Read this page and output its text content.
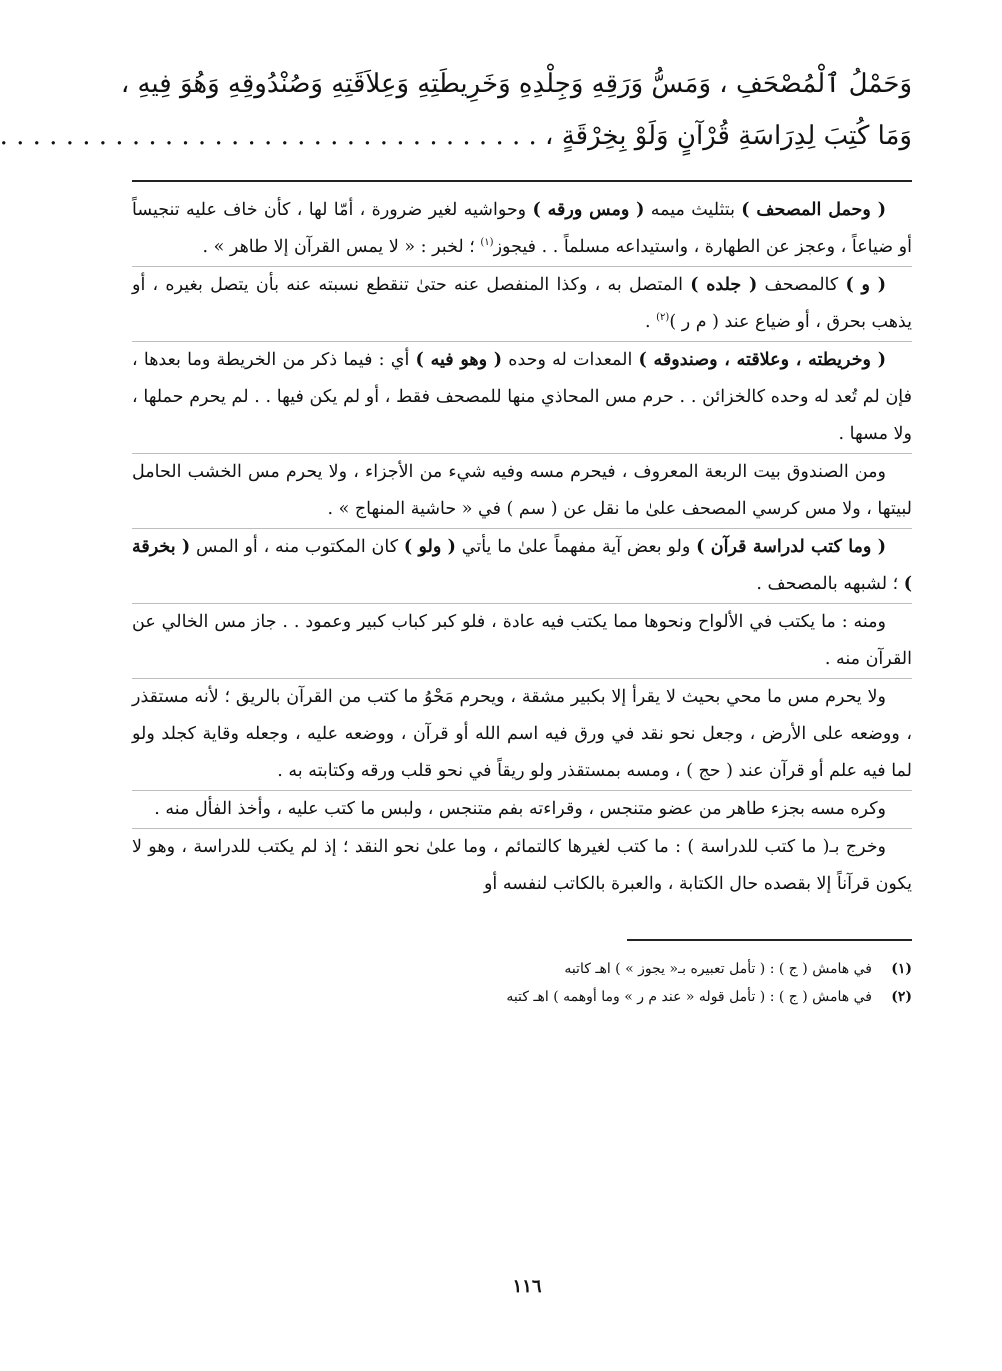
وَحَمْلُ ٱلْمُصْحَفِ ، وَمَسُّ وَرَقِهِ وَجِلْدِهِ وَخَرِيطَتِهِ وَعِلاَقَتِهِ وَصُنْدُوقِهِ وَهُوَ فِيهِ ،
وَمَا كُتِبَ لِدِرَاسَةِ قُرْآنٍ وَلَوْ بِخِرْقَةٍ ، . . . . . . . . . . . . . . . . . . . . . . . . . . . . . . . . .

( وحمل المصحف ) بتثليث ميمه ( ومس ورقه ) وحواشيه لغير ضرورة ، أمّا لها ، كأن خاف عليه تنجيساً أو ضياعاً ، وعجز عن الطهارة ، واستيداعه مسلماً . . فيجوز$^{(١)}$ ؛ لخبر : « لا يمس القرآن إلا طاهر » .

( و ) كالمصحف ( جلده ) المتصل به ، وكذا المنفصل عنه حتىٰ تنقطع نسبته عنه بأن يتصل بغيره ، أو يذهب بحرق ، أو ضياع عند ( م ر )$^{(٢)}$ .

( وخريطته ، وعلاقته ، وصندوقه ) المعدات له وحده ( وهو فيه ) أي : فيما ذكر من الخريطة وما بعدها ، فإن لم تُعد له وحده كالخزائن . . حرم مس المحاذي منها للمصحف فقط ، أو لم يكن فيها . . لم يحرم حملها ، ولا مسها .

ومن الصندوق بيت الربعة المعروف ، فيحرم مسه وفيه شيء من الأجزاء ، ولا يحرم مس الخشب الحامل لبيتها ، ولا مس كرسي المصحف علىٰ ما نقل عن ( سم ) في « حاشية المنهاج » .

( وما كتب لدراسة قرآن ) ولو بعض آية مفهماً علىٰ ما يأتي ( ولو ) كان المكتوب منه ، أو المس ( بخرقة ) ؛ لشبهه بالمصحف .

ومنه : ما يكتب في الألواح ونحوها مما يكتب فيه عادة ، فلو كبر كباب كبير وعمود . . جاز مس الخالي عن القرآن منه .

ولا يحرم مس ما محي بحيث لا يقرأ إلا بكبير مشقة ، ويحرم مَحْوُ ما كتب من القرآن بالريق ؛ لأنه مستقذر ، ووضعه على الأرض ، وجعل نحو نقد في ورق فيه اسم الله أو قرآن ، ووضعه عليه ، وجعله وقاية كجلد ولو لما فيه علم أو قرآن عند ( حج ) ، ومسه بمستقذر ولو ريقاً في نحو قلب ورقه وكتابته به .

وكره مسه بجزء طاهر من عضو متنجس ، وقراءته بفم متنجس ، ولبس ما كتب عليه ، وأخذ الفأل منه .

وخرج بـ( ما كتب للدراسة ) : ما كتب لغيرها كالتمائم ، وما علىٰ نحو النقد ؛ إذ لم يكتب للدراسة ، وهو لا يكون قرآناً إلا بقصده حال الكتابة ، والعبرة بالكاتب لنفسه أو

(١)في هامش ( ج ) : ( تأمل تعبيره بـ« يجوز » ) اهـ كاتبه
(٢)في هامش ( ج ) : ( تأمل قوله « عند م ر » وما أوهمه ) اهـ كتبه
١١٦
